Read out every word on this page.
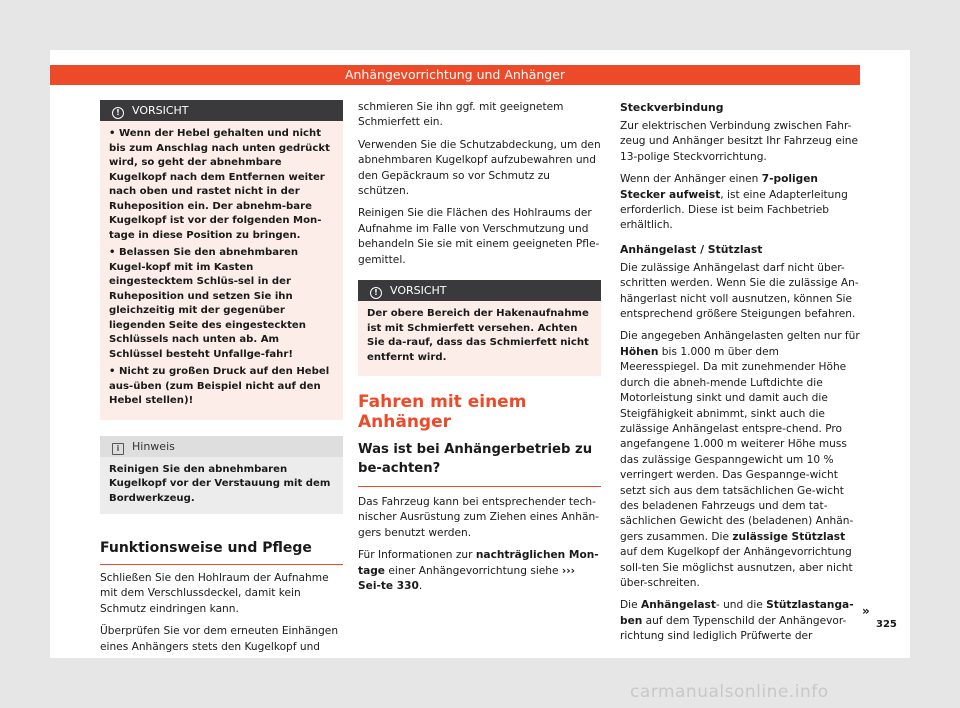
Anhängevorrichtung und Anhänger
! VORSICHT

• Wenn der Hebel gehalten und nicht bis zum Anschlag nach unten gedrückt wird, so geht der abnehmbare Kugelkopf nach dem Entfernen weiter nach oben und rastet nicht in der Ruheposition ein. Der abnehm-bare Kugelkopf ist vor der folgenden Mon-tage in diese Position zu bringen.

• Belassen Sie den abnehmbaren Kugel-kopf mit im Kasten eingestecktem Schlüs-sel in der Ruheposition und setzen Sie ihn gleichzeitig mit der gegenüber liegenden Seite des eingesteckten Schlüssels nach unten ab. Am Schlüssel besteht Unfallge-fahr!

• Nicht zu großen Druck auf den Hebel aus-üben (zum Beispiel nicht auf den Hebel stellen)!

i Hinweis

Reinigen Sie den abnehmbaren Kugelkopf vor der Verstauung mit dem Bordwerkzeug.

Funktionsweise und Pflege

Schließen Sie den Hohlraum der Aufnahme mit dem Verschlussdeckel, damit kein Schmutz eindringen kann.

Überprüfen Sie vor dem erneuten Einhängen eines Anhängers stets den Kugelkopf und

schmieren Sie ihn ggf. mit geeignetem Schmierfett ein.

Verwenden Sie die Schutzabdeckung, um den abnehmbaren Kugelkopf aufzubewahren und den Gepäckraum so vor Schmutz zu schützen.

Reinigen Sie die Flächen des Hohlraums der Aufnahme im Falle von Verschmutzung und behandeln Sie sie mit einem geeigneten Pfle-gemittel.

! VORSICHT

Der obere Bereich der Hakenaufnahme ist mit Schmierfett versehen. Achten Sie da-rauf, dass das Schmierfett nicht entfernt wird.

Fahren mit einem Anhänger
Was ist bei Anhängerbetrieb zu be-achten?

Das Fahrzeug kann bei entsprechender tech-nischer Ausrüstung zum Ziehen eines Anhän-gers benutzt werden.

Für Informationen zur nachträglichen Mon-tage einer Anhängevorrichtung siehe ››› Sei-te 330.

Steckverbindung

Zur elektrischen Verbindung zwischen Fahr-zeug und Anhänger besitzt Ihr Fahrzeug eine 13-polige Steckvorrichtung.

Wenn der Anhänger einen 7-poligen Stecker aufweist, ist eine Adapterleitung erforderlich. Diese ist beim Fachbetrieb erhältlich.

Anhängelast / Stützlast

Die zulässige Anhängelast darf nicht über-schritten werden. Wenn Sie die zulässige An-hängerlast nicht voll ausnutzen, können Sie entsprechend größere Steigungen befahren.

Die angegeben Anhängelasten gelten nur für Höhen bis 1.000 m über dem Meeresspiegel. Da mit zunehmender Höhe durch die abneh-mende Luftdichte die Motorleistung sinkt und damit auch die Steigfähigkeit abnimmt, sinkt auch die zulässige Anhängelast entspre-chend. Pro angefangene 1.000 m weiterer Höhe muss das zulässige Gespanngewicht um 10 % verringert werden. Das Gespannge-wicht setzt sich aus dem tatsächlichen Ge-wicht des beladenen Fahrzeugs und dem tat-sächlichen Gewicht des (beladenen) Anhän-gers zusammen. Die zulässige Stützlast auf dem Kugelkopf der Anhängevorrichtung soll-ten Sie möglichst ausnutzen, aber nicht über-schreiten.

Die Anhängelast- und die Stützlastanga-ben auf dem Typenschild der Anhängevor-richtung sind lediglich Prüfwerte der

»
325
carmanualsonline.info
